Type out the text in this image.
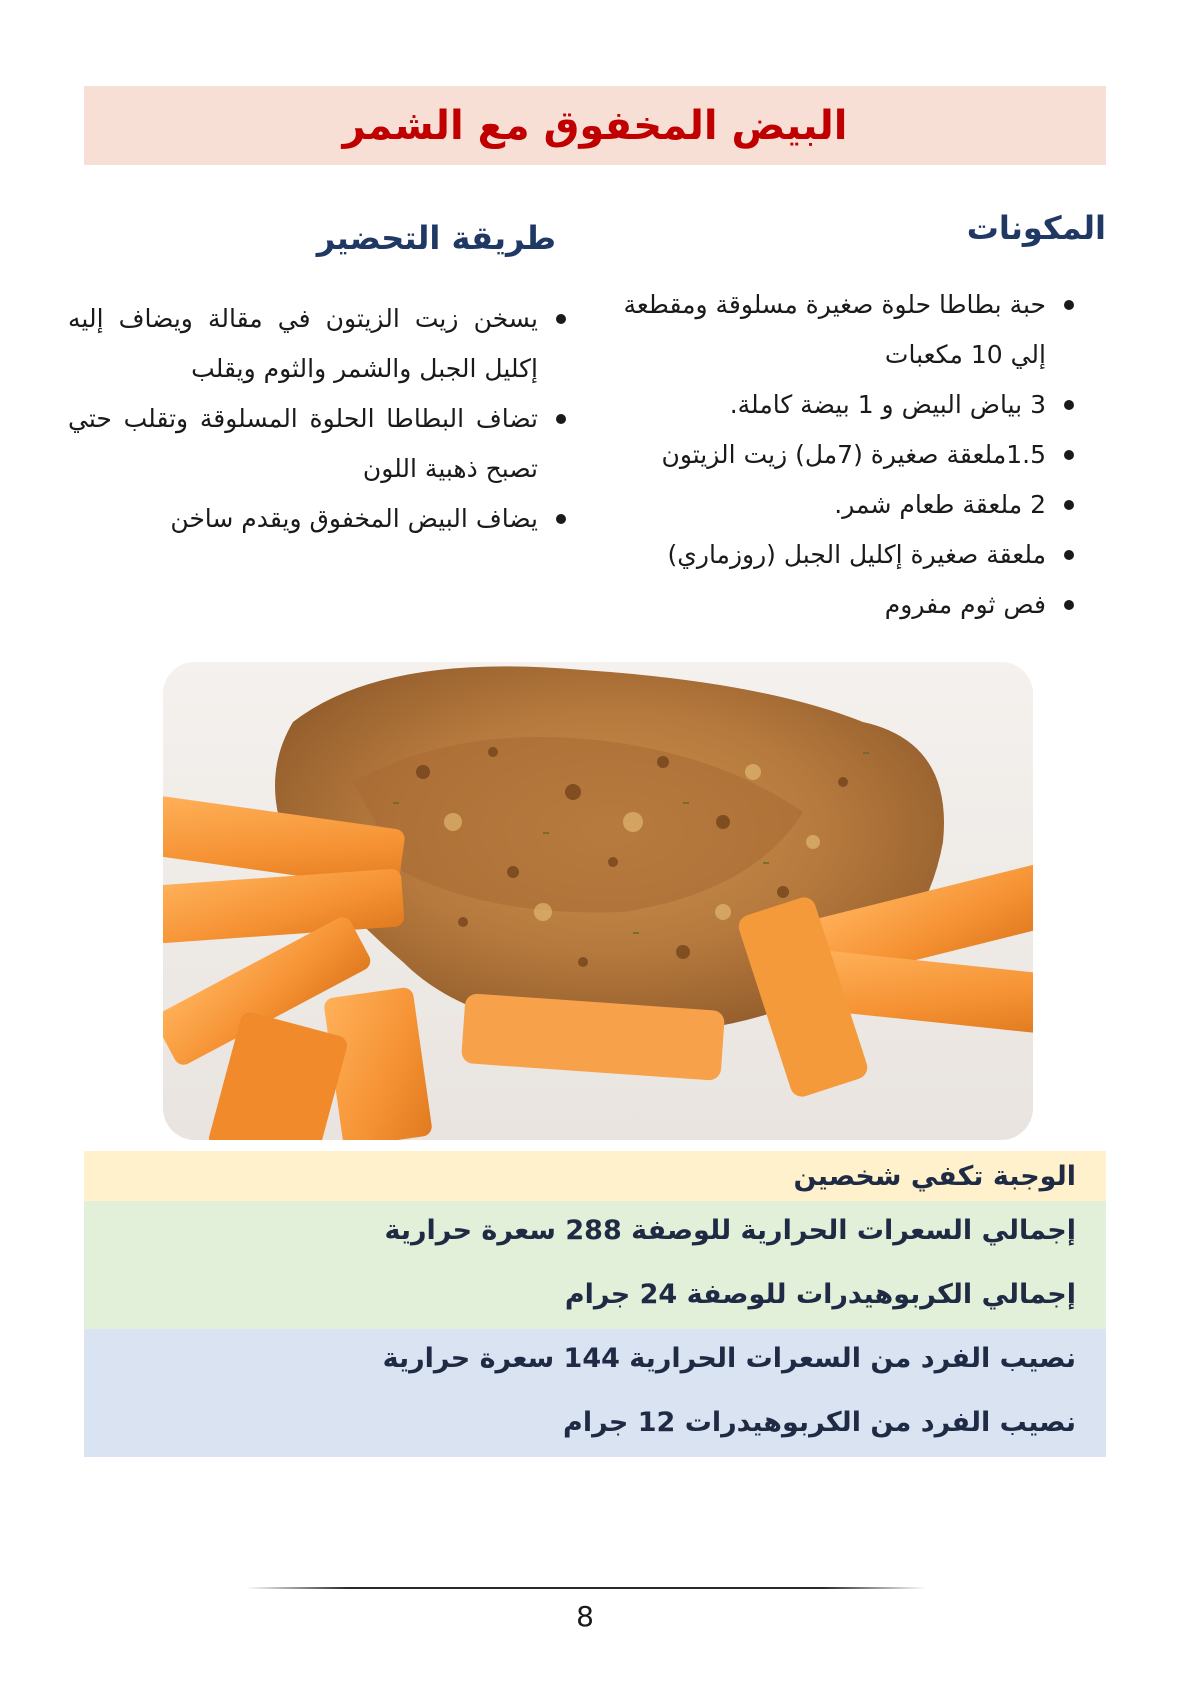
البيض المخفوق مع الشمر
المكونات
طريقة التحضير
حبة بطاطا حلوة صغيرة مسلوقة ومقطعة إلي 10 مكعبات
3 بياض البيض و 1 بيضة كاملة.
1.5ملعقة صغيرة (7مل) زيت الزيتون
2 ملعقة طعام شمر.
ملعقة صغيرة إكليل الجبل (روزماري)
فص ثوم مفروم
يسخن زيت الزيتون في مقالة ويضاف إليه إكليل الجبل والشمر والثوم ويقلب
تضاف البطاطا الحلوة المسلوقة وتقلب حتي تصبح ذهبية اللون
يضاف البيض المخفوق ويقدم ساخن
الوجبة تكفي شخصين
إجمالي السعرات الحرارية للوصفة 288 سعرة حرارية
إجمالي الكربوهيدرات للوصفة 24 جرام
نصيب الفرد من السعرات الحرارية 144 سعرة حرارية
نصيب الفرد من الكربوهيدرات 12 جرام
8
